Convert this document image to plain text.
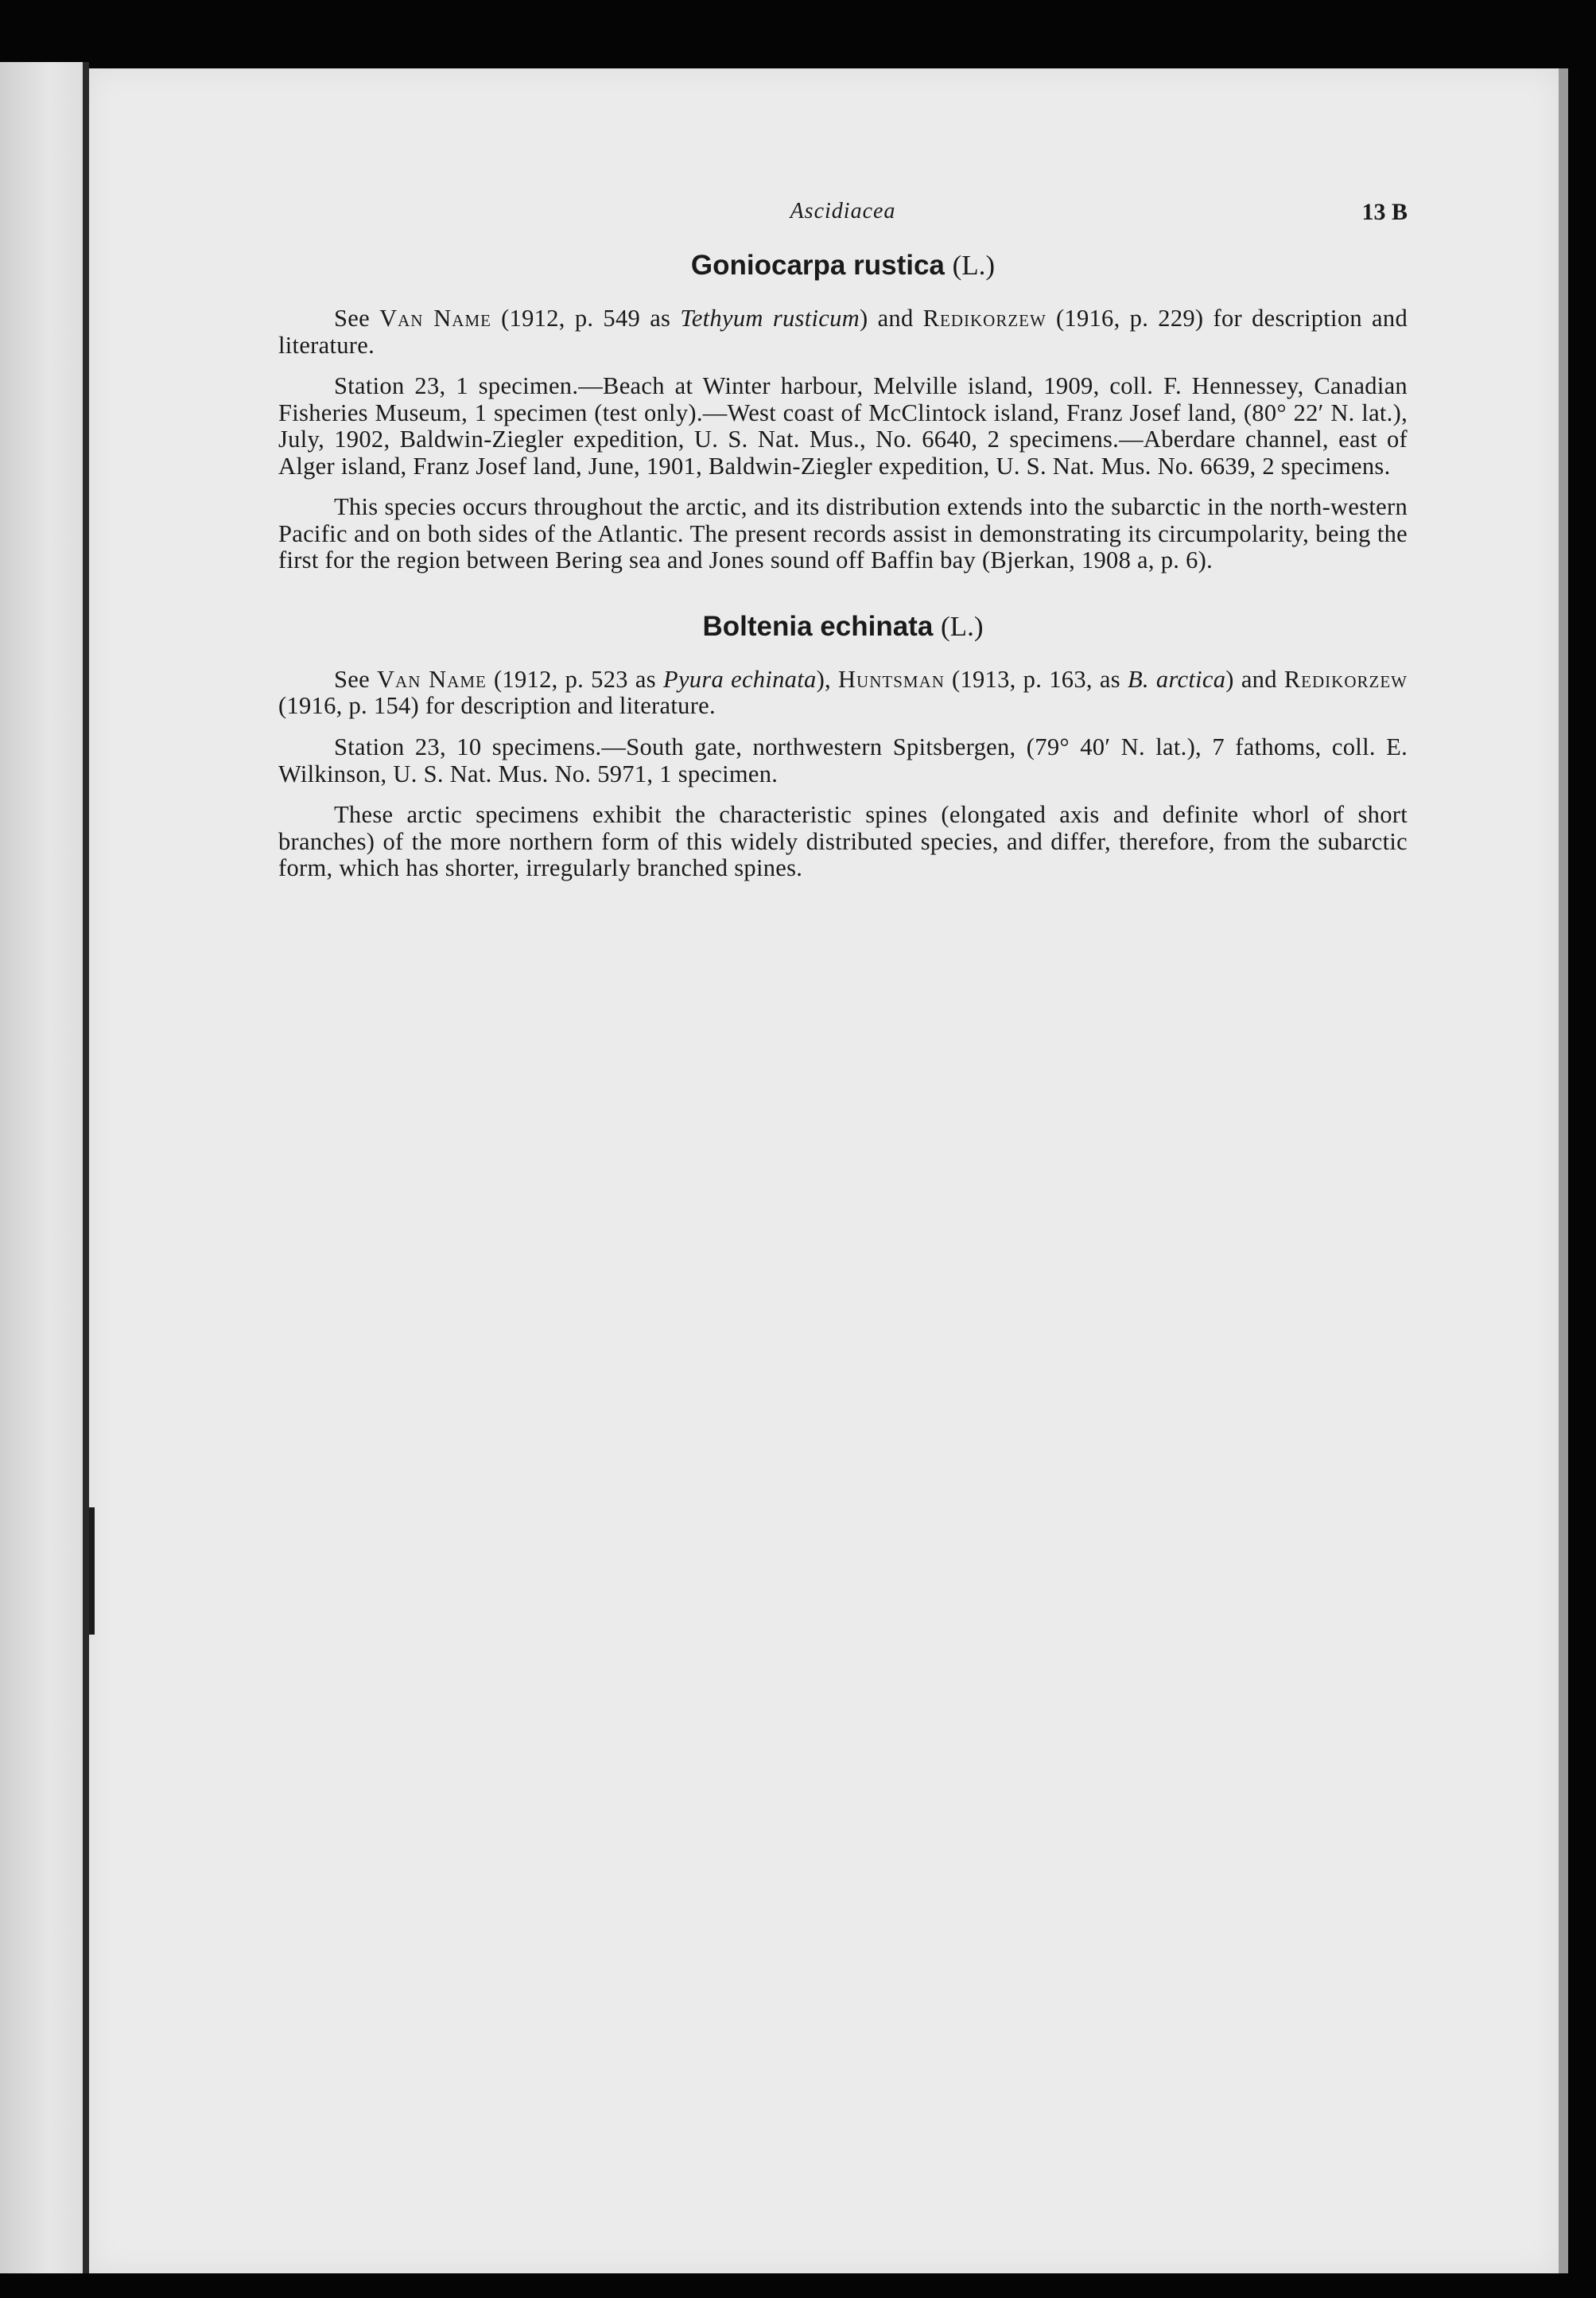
Ascidiacea	13 B
Goniocarpa rustica (L.)

See Van Name (1912, p. 549 as Tethyum rusticum) and Redikorzew (1916, p. 229) for description and literature.

Station 23, 1 specimen.—Beach at Winter harbour, Melville island, 1909, coll. F. Hennessey, Canadian Fisheries Museum, 1 specimen (test only).—West coast of McClintock island, Franz Josef land, (80° 22′ N. lat.), July, 1902, Baldwin-Ziegler expedition, U. S. Nat. Mus., No. 6640, 2 specimens.—Aberdare channel, east of Alger island, Franz Josef land, June, 1901, Baldwin-Ziegler expedition, U. S. Nat. Mus. No. 6639, 2 specimens.

This species occurs throughout the arctic, and its distribution extends into the subarctic in the north-western Pacific and on both sides of the Atlantic. The present records assist in demonstrating its circumpolarity, being the first for the region between Bering sea and Jones sound off Baffin bay (Bjerkan, 1908 a, p. 6).

Boltenia echinata (L.)

See Van Name (1912, p. 523 as Pyura echinata), Huntsman (1913, p. 163, as B. arctica) and Redikorzew (1916, p. 154) for description and literature.

Station 23, 10 specimens.—South gate, northwestern Spitsbergen, (79° 40′ N. lat.), 7 fathoms, coll. E. Wilkinson, U. S. Nat. Mus. No. 5971, 1 specimen.

These arctic specimens exhibit the characteristic spines (elongated axis and definite whorl of short branches) of the more northern form of this widely distributed species, and differ, therefore, from the subarctic form, which has shorter, irregularly branched spines.
